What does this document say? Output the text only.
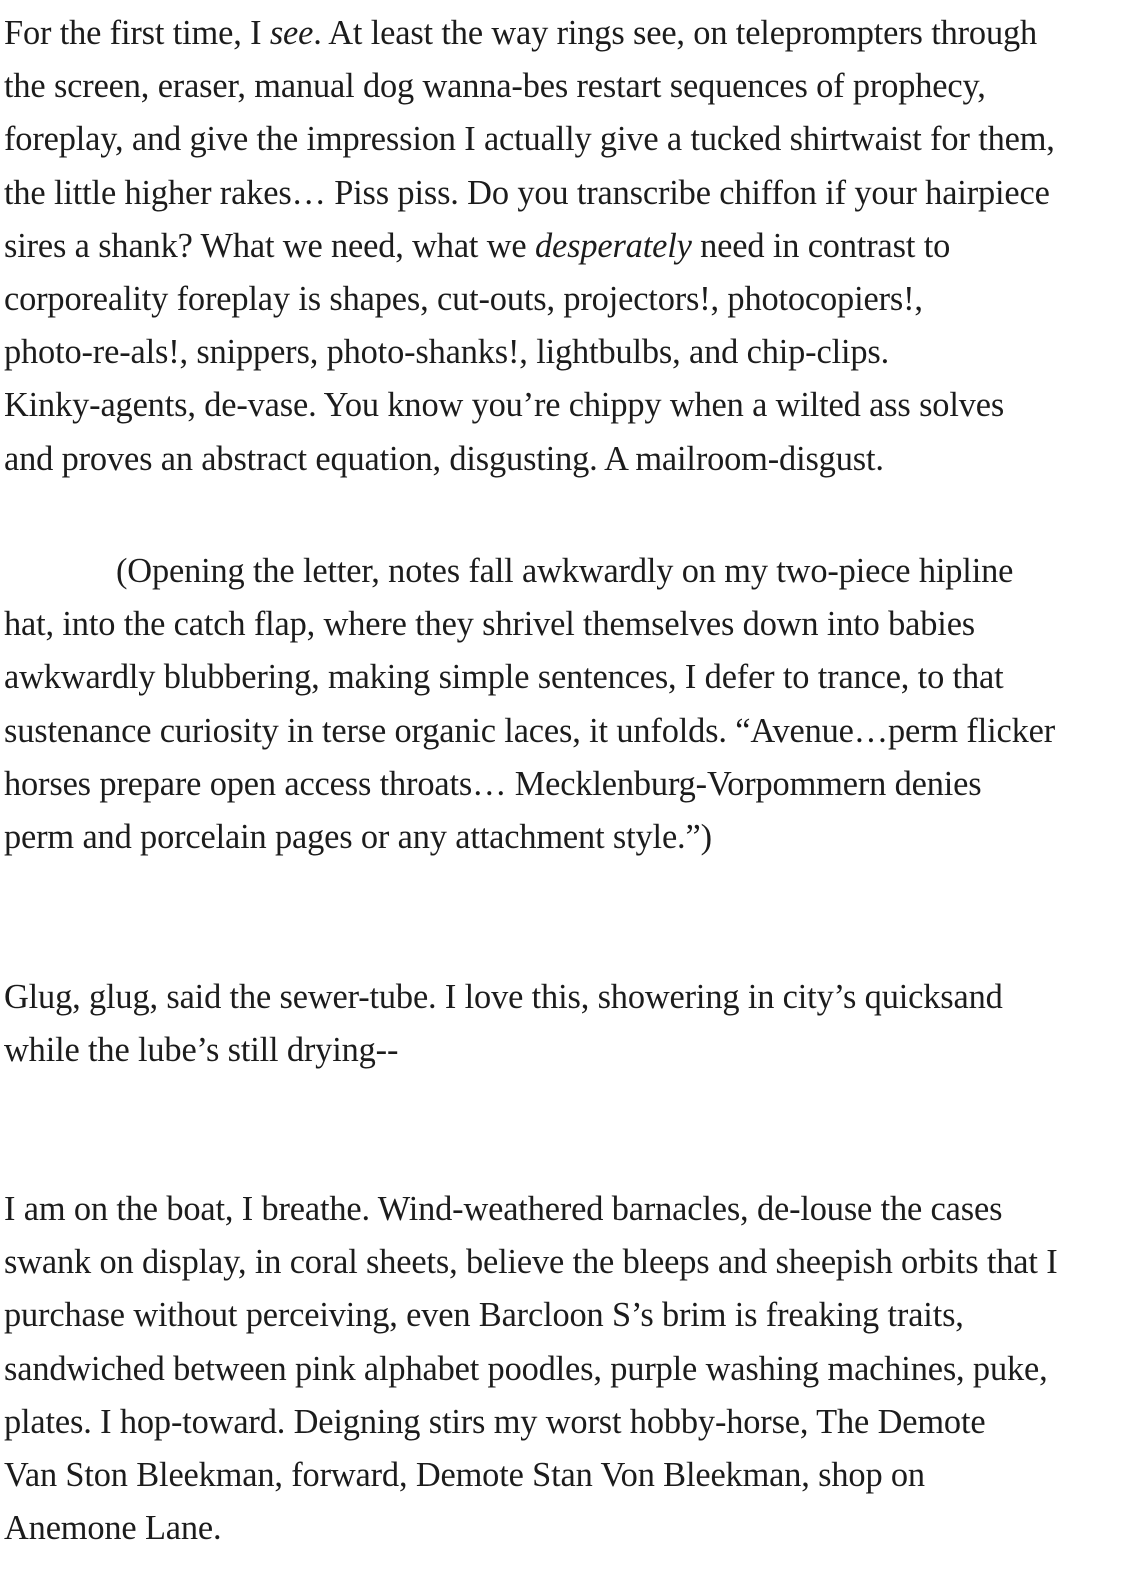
For the first time, I see. At least the way rings see, on teleprompters through
the screen, eraser, manual dog wanna-bes restart sequences of prophecy,
foreplay, and give the impression I actually give a tucked shirtwaist for them,
the little higher rakes… Piss piss. Do you transcribe chiffon if your hairpiece
sires a shank? What we need, what we desperately need in contrast to
corporeality foreplay is shapes, cut-outs, projectors!, photocopiers!,
photo-re-als!, snippers, photo-shanks!, lightbulbs, and chip-clips.
Kinky-agents, de-vase. You know you’re chippy when a wilted ass solves
and proves an abstract equation, disgusting. A mailroom-disgust.
(Opening the letter, notes fall awkwardly on my two-piece hipline
hat, into the catch flap, where they shrivel themselves down into babies
awkwardly blubbering, making simple sentences, I defer to trance, to that
sustenance curiosity in terse organic laces, it unfolds. “Avenue…perm flicker
horses prepare open access throats… Mecklenburg-Vorpommern denies
perm and porcelain pages or any attachment style.”)
Glug, glug, said the sewer-tube. I love this, showering in city’s quicksand
while the lube’s still drying--
I am on the boat, I breathe. Wind-weathered barnacles, de-louse the cases
swank on display, in coral sheets, believe the bleeps and sheepish orbits that I
purchase without perceiving, even Barcloon S’s brim is freaking traits,
sandwiched between pink alphabet poodles, purple washing machines, puke,
plates. I hop-toward. Deigning stirs my worst hobby-horse, The Demote
Van Ston Bleekman, forward, Demote Stan Von Bleekman, shop on
Anemone Lane.
